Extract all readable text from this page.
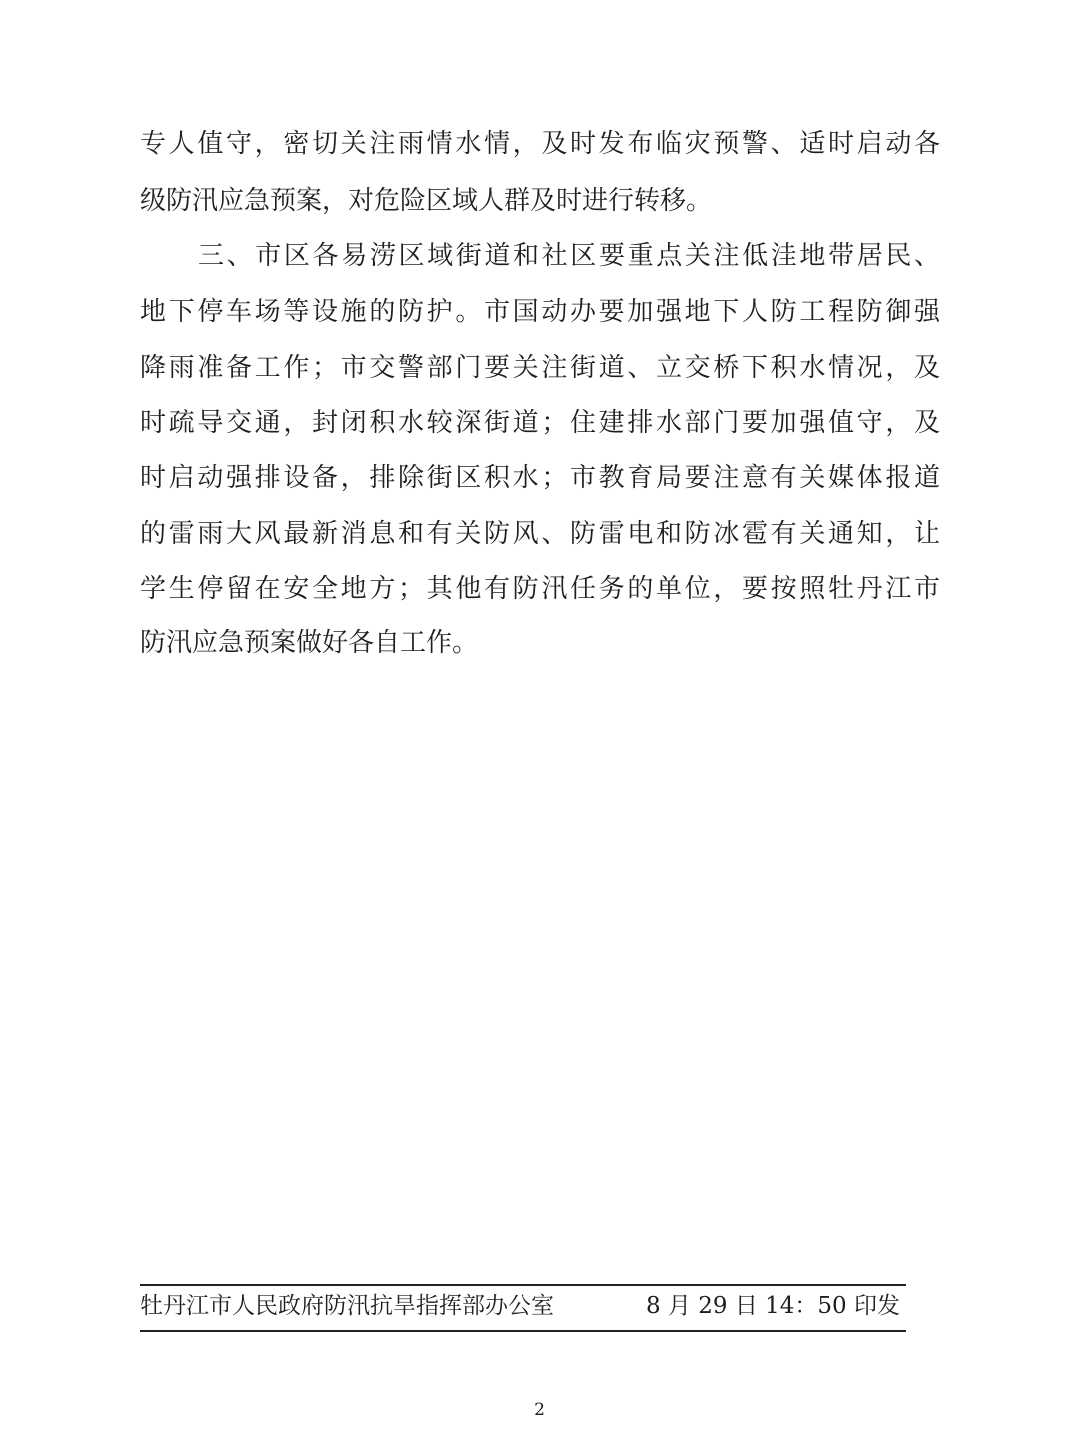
专人值守，密切关注雨情水情，及时发布临灾预警、适时启动各
级防汛应急预案，对危险区域人群及时进行转移。
三、市区各易涝区域街道和社区要重点关注低洼地带居民、
地下停车场等设施的防护。市国动办要加强地下人防工程防御强
降雨准备工作；市交警部门要关注街道、立交桥下积水情况，及
时疏导交通，封闭积水较深街道；住建排水部门要加强值守，及
时启动强排设备，排除街区积水；市教育局要注意有关媒体报道
的雷雨大风最新消息和有关防风、防雷电和防冰雹有关通知，让
学生停留在安全地方；其他有防汛任务的单位，要按照牡丹江市
防汛应急预案做好各自工作。
牡丹江市人民政府防汛抗旱指挥部办公室	8 月 29 日 14：50 印发
2
